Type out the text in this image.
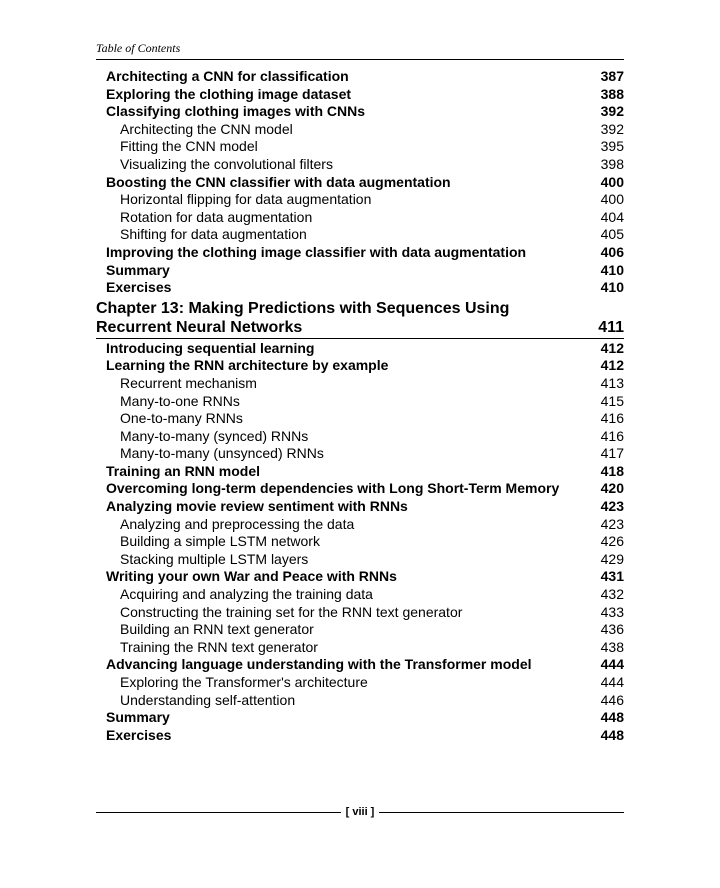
Table of Contents
Architecting a CNN for classification	387
Exploring the clothing image dataset	388
Classifying clothing images with CNNs	392
Architecting the CNN model	392
Fitting the CNN model	395
Visualizing the convolutional filters	398
Boosting the CNN classifier with data augmentation	400
Horizontal flipping for data augmentation	400
Rotation for data augmentation	404
Shifting for data augmentation	405
Improving the clothing image classifier with data augmentation	406
Summary	410
Exercises	410
Chapter 13: Making Predictions with Sequences Using
Recurrent Neural Networks	411
Introducing sequential learning	412
Learning the RNN architecture by example	412
Recurrent mechanism	413
Many-to-one RNNs	415
One-to-many RNNs	416
Many-to-many (synced) RNNs	416
Many-to-many (unsynced) RNNs	417
Training an RNN model	418
Overcoming long-term dependencies with Long Short-Term Memory	420
Analyzing movie review sentiment with RNNs	423
Analyzing and preprocessing the data	423
Building a simple LSTM network	426
Stacking multiple LSTM layers	429
Writing your own War and Peace with RNNs	431
Acquiring and analyzing the training data	432
Constructing the training set for the RNN text generator	433
Building an RNN text generator	436
Training the RNN text generator	438
Advancing language understanding with the Transformer model	444
Exploring the Transformer's architecture	444
Understanding self-attention	446
Summary	448
Exercises	448
[ viii ]
